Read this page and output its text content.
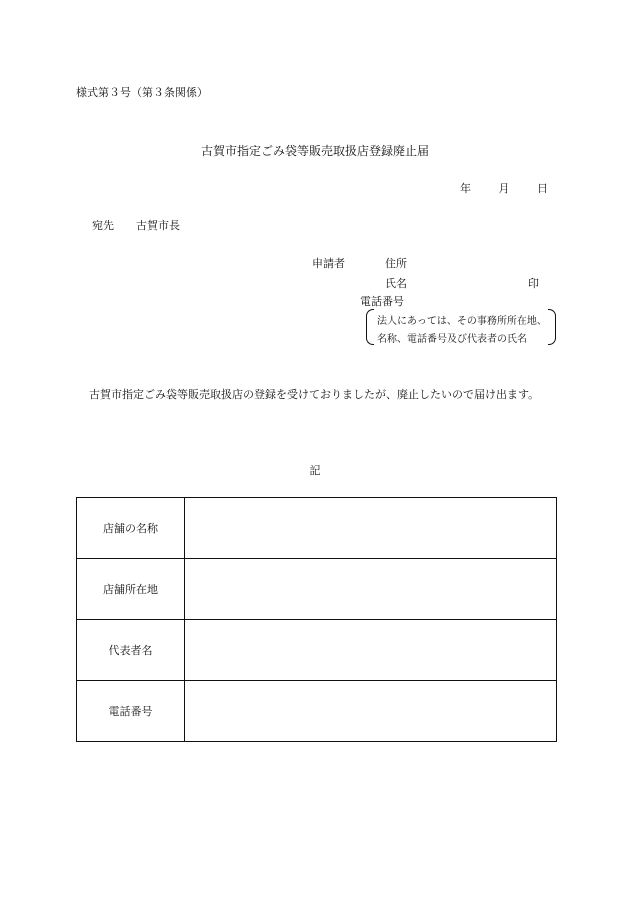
様式第３号（第３条関係）
古賀市指定ごみ袋等販売取扱店登録廃止届
年	月	日
宛先 古賀市長
申請者	住所
氏名	印
電話番号
法人にあっては、その事務所所在地、
名称、電話番号及び代表者の氏名
古賀市指定ごみ袋等販売取扱店の登録を受けておりましたが、廃止したいので届け出ます。
記
店舗の名称	
店舗所在地	
代表者名	
電話番号	
